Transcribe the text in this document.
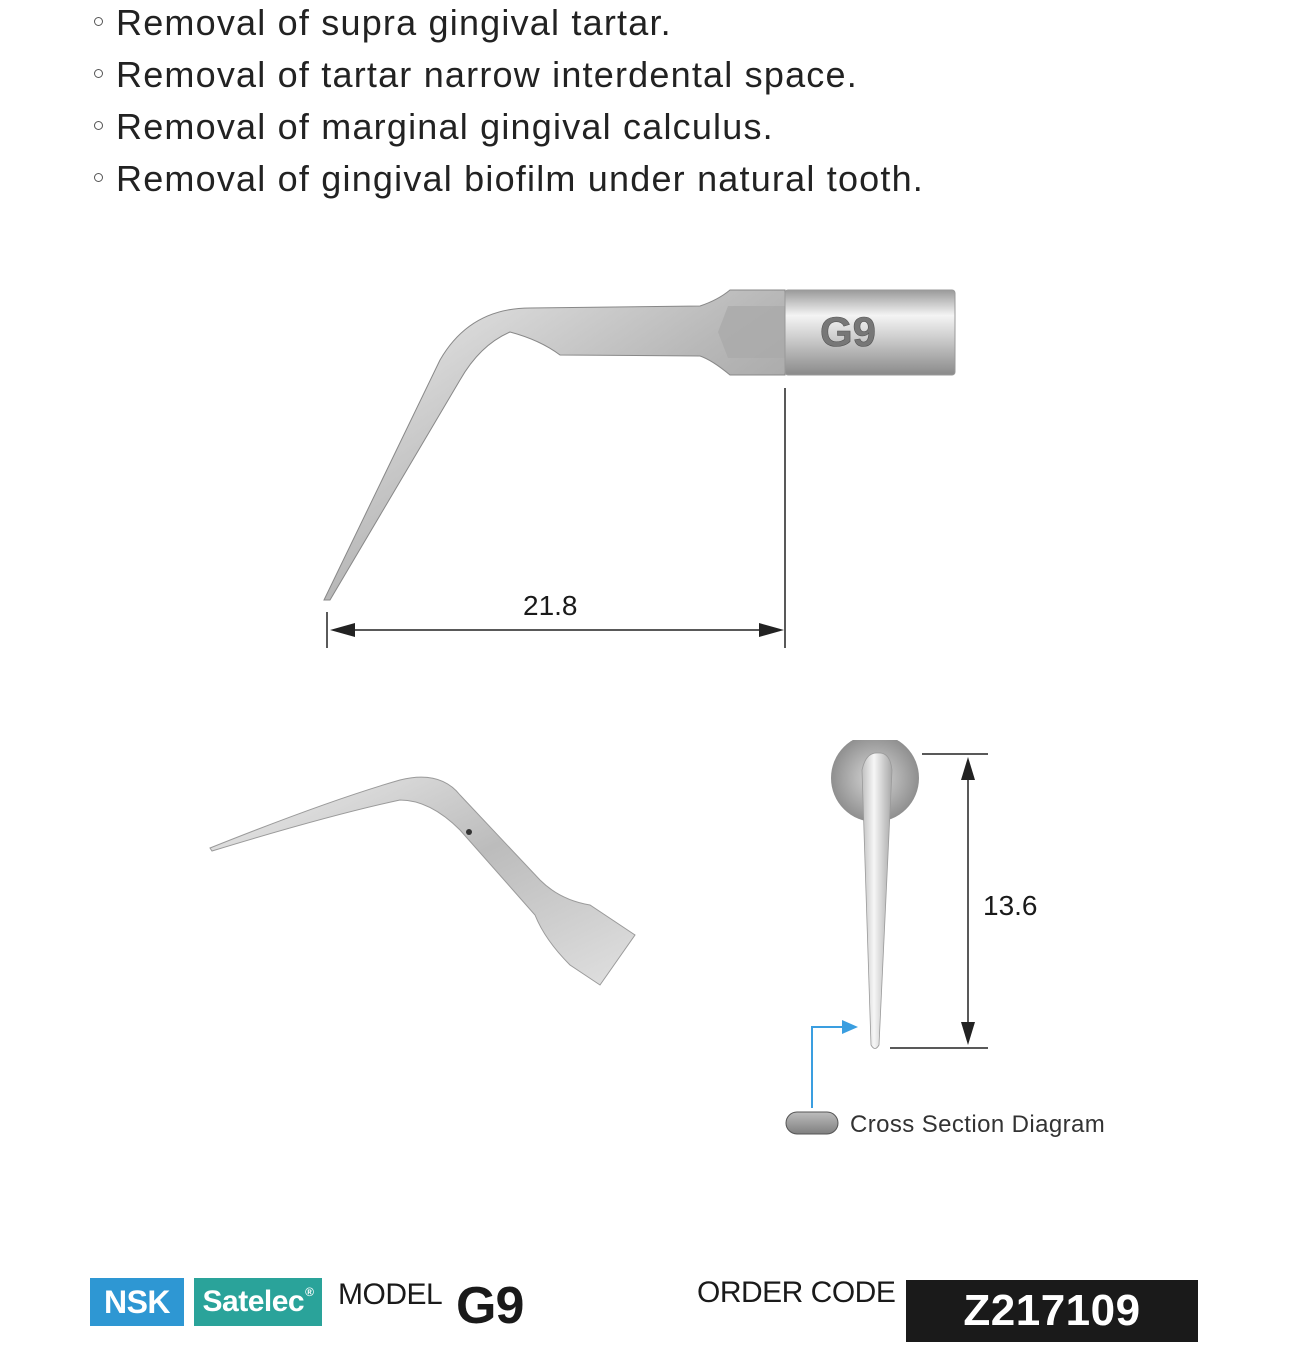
Removal of supra gingival tartar.
Removal of tartar narrow interdental space.
Removal of marginal gingival calculus.
Removal of gingival biofilm under natural tooth.
G9
21.8
13.6
Cross Section Diagram
NSK Satelec® MODEL G9	ORDER CODE	Z217109
